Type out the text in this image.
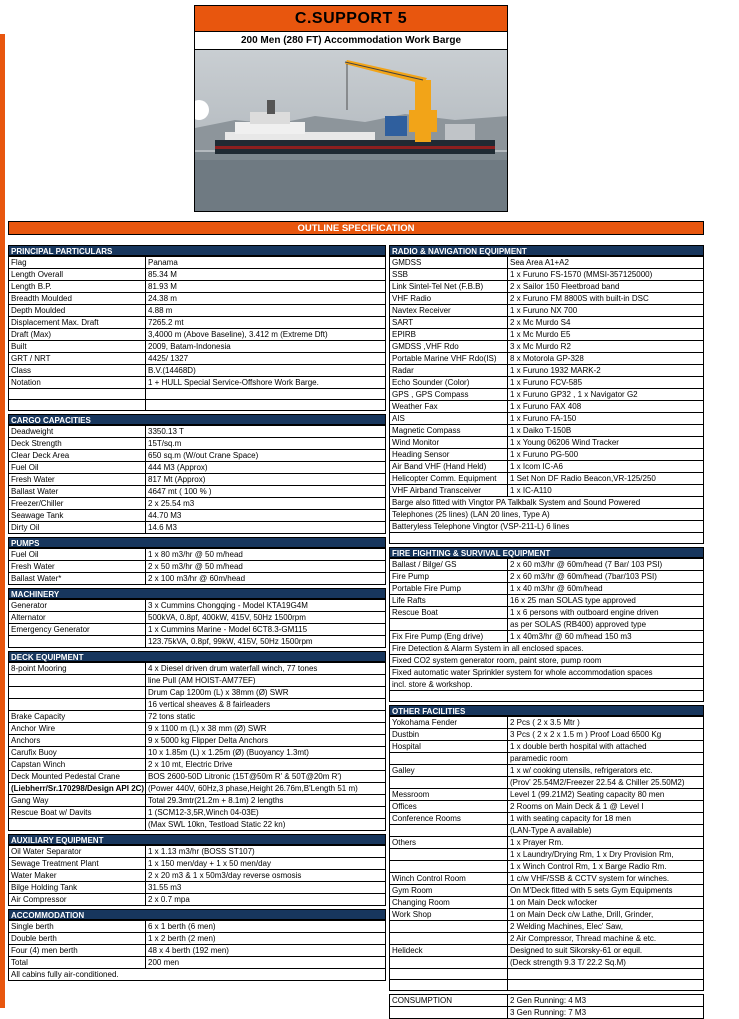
C.SUPPORT 5
200 Men (280 FT) Accommodation Work Barge
OUTLINE SPECIFICATION
PRINCIPAL PARTICULARS
Flag	Panama
Length Overall	85.34 M
Length B.P.	81.93 M
Breadth Moulded	24.38 m
Depth Moulded	4.88 m
Displacement Max. Draft	7265.2 mt
Draft (Max)	3,4000 m (Above Baseline), 3.412 m (Extreme Dft)
Built	2009, Batam-Indonesia
GRT / NRT	4425/ 1327
Class	B.V.(14468D)
Notation	1 + HULL Special Service-Offshore Work Barge.

CARGO CAPACITIES
Deadweight	3350.13 T
Deck Strength	15T/sq.m
Clear Deck Area	650 sq.m (W/out Crane Space)
Fuel Oil	444 M3 (Approx)
Fresh Water	817 Mt (Approx)
Ballast Water	4647 mt ( 100 % )
Freezer/Chiller	2 x 25.54 m3
Seawage Tank	44.70 M3
Dirty Oil	14.6 M3
PUMPS
Fuel Oil	1 x 80 m3/hr @ 50 m/head
Fresh Water	2 x 50 m3/hr @ 50 m/head
Ballast Water*	2 x 100 m3/hr @ 60m/head
MACHINERY
Generator	3 x Cummins Chongqing - Model KTA19G4M
Alternator	500kVA, 0.8pf, 400kW, 415V, 50Hz 1500rpm
Emergency Generator	1 x Cummins Marine - Model 6CT8.3-GM115
	123.75kVA, 0.8pf, 99kW, 415V, 50Hz 1500rpm
DECK EQUIPMENT
8-point Mooring	4 x Diesel driven drum waterfall winch, 77 tones
	line Pull (AM HOIST-AM77EF)
	Drum Cap 1200m (L) x 38mm (Ø) SWR
	16 vertical sheaves & 8 fairleaders
Brake Capacity	72 tons static
Anchor Wire	9 x 1100 m (L) x 38 mm (Ø) SWR
Anchors	9 x 5000 kg Flipper Delta Anchors
Carufix Buoy	10 x 1.85m (L) x 1.25m (Ø) (Buoyancy 1.3mt)
Capstan Winch	2 x 10 mt, Electric Drive
Deck Mounted Pedestal Crane	BOS 2600-50D Litronic (15T@50m R' & 50T@20m R')
(Liebherr/Sr.170298/Design API 2C)	(Power 440V, 60Hz,3 phase,Height 26.76m,B'Length 51 m)
Gang Way	Total 29.3mtr(21.2m + 8.1m) 2 lengths
Rescue Boat w/ Davits	1 (SCM12-3,5R,Winch 04-03E)
	(Max SWL 10kn, Testload Static 22 kn)
AUXILIARY EQUIPMENT
Oil Water Separator	1 x 1.13 m3/hr (BOSS ST107)
Sewage Treatment Plant	1 x 150 men/day + 1 x 50 men/day
Water Maker	2 x 20 m3 & 1 x 50m3/day reverse osmosis
Bilge Holding Tank	31.55 m3
Air Compressor	2 x 0.7 mpa
ACCOMMODATION
Single berth	6 x 1 berth (6 men)
Double berth	1 x 2 berth (2 men)
Four (4) men berth	48 x 4 berth (192 men)
Total	200 men
All cabins fully air-conditioned.	
RADIO & NAVIGATION EQUIPMENT
GMDSS	Sea Area A1+A2
SSB	1 x Furuno FS-1570 (MMSI-357125000)
Link Sintel-Tel Net (F.B.B)	2 x Sailor 150 Fleetbroad band
VHF Radio	2 x Furuno FM 8800S with built-in DSC
Navtex Receiver	1 x Furuno NX 700
SART	2 x Mc Murdo S4
EPIRB	1 x Mc Murdo E5
GMDSS ,VHF Rdo	3 x Mc Murdo R2
Portable Marine VHF Rdo(IS)	8 x Motorola GP-328
Radar	1 x Furuno 1932 MARK-2
Echo Sounder (Color)	1 x Furuno FCV-585
GPS , GPS Compass	1 x Furuno GP32 , 1 x Navigator G2
Weather Fax	1 x Furuno FAX 408
AIS	1 x Furuno FA-150
Magnetic Compass	1 x Daiko T-150B
Wind Monitor	1 x Young 06206 Wind Tracker
Heading Sensor	1 x Furuno PG-500
Air Band VHF (Hand Held)	1 x Icom IC-A6
Helicopter Comm. Equipment	1 Set Non DF Radio Beacon,VR-125/250
VHF Airband Transceiver	1 x IC-A110
Barge also fitted with Vingtor PA Talkbalk System and Sound Powered	
Telephones (25 lines) (LAN 20 lines, Type A)	
Batteryless Telephone Vingtor (VSP-211-L) 6 lines	

FIRE FIGHTING & SURVIVAL EQUIPMENT
Ballast / Bilge/ GS	2 x 60 m3/hr @ 60m/head (7 Bar/ 103 PSI)
Fire Pump	2 x 60 m3/hr @ 60m/head (7bar/103 PSI)
Portable Fire Pump	1 x 40 m3/hr @ 60m/head
Life Rafts	16 x 25 man SOLAS type approved
Rescue Boat	1 x 6 persons with outboard engine driven
	as per SOLAS (RB400) approved type
Fix Fire Pump (Eng drive)	1 x 40m3/hr @ 60 m/head 150 m3
Fire Detection & Alarm System in all enclosed spaces.	
Fixed CO2 system generator room, paint store, pump room	
Fixed automatic water Sprinkler system for whole accommodation spaces	
incl. store & workshop.	

OTHER FACILITIES
Yokohama Fender	2 Pcs ( 2 x 3.5 Mtr )
Dustbin	3 Pcs ( 2 x 2 x 1.5 m ) Proof Load 6500 Kg
Hospital	1 x double berth hospital with attached
	paramedic room
Galley	1 x w/ cooking utensils, refrigerators etc.
	(Prov' 25.54M2/Freezer 22.54 & Chiller 25.50M2)
Messroom	Level 1 (99.21M2) Seating capacity 80 men
Offices	2 Rooms on Main Deck & 1 @ Level I
Conference Rooms	1 with seating capacity for 18 men
	(LAN-Type A available)
Others	1 x Prayer Rm.
	1 x Laundry/Drying Rm, 1 x Dry Provision Rm,
	1 x Winch Control Rm, 1 x Barge Radio Rm.
Winch Control Room	1 c/w VHF/SSB & CCTV system for winches.
Gym Room	On M'Deck fitted with 5 sets Gym Equipments
Changing Room	1 on Main Deck w/locker
Work Shop	1 on Main Deck c/w Lathe, Drill, Grinder,
	2 Welding Machines, Elec' Saw,
	2 Air Compressor, Thread machine & etc.
Helideck	Designed to suit Sikorsky-61 or equil.
	(Deck strength 9.3 T/ 22.2 Sq.M)

CONSUMPTION	2 Gen Running: 4 M3
	3 Gen Running: 7 M3
